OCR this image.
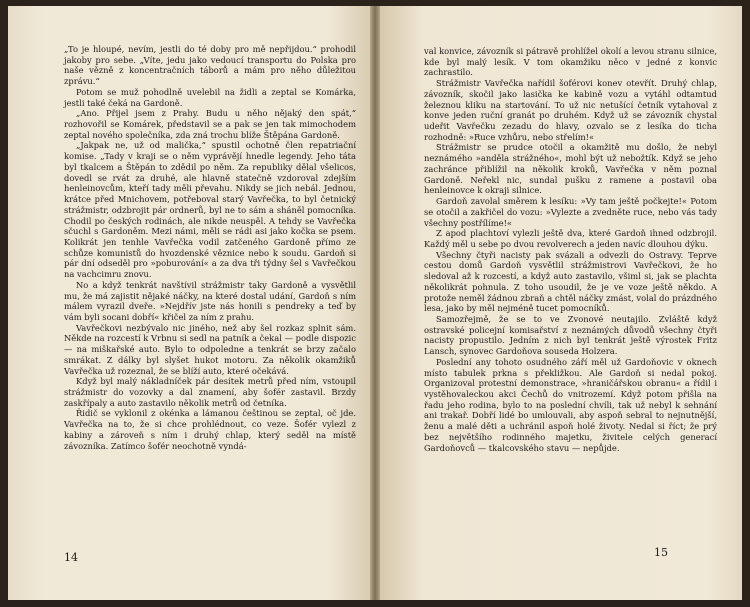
„To je hloupé, nevím, jestli do té doby pro mě nepřijdou.“ prohodil jakoby pro sebe. „Víte, jedu jako vedoucí transportu do Polska pro naše vězně z koncentračních táborů a mám pro něho důležitou zprávu.“

Potom se muž pohodlně uvelebil na židli a zeptal se Komárka, jestli také čeká na Gardoně.

„Ano. Přijel jsem z Prahy. Budu u něho nějaký den spát,“ rozhovořil se Komárek, představil se a pak se jen tak mimochodem zeptal nového společníka, zda zná trochu blíže Štěpána Gardoně.

„Jakpak ne, už od malička,“ spustil ochotně člen repatriační komise. „Tady v kraji se o něm vyprávějí hnedle legendy. Jeho táta byl tkalcem a Štěpán to zdědil po něm. Za republiky dělal všelicos, dovedl se rvát za druhé, ale hlavně statečně vzdoroval zdejším henleinovcům, kteří tady měli převahu. Nikdy se jich nebál. Jednou, krátce před Mnichovem, potřeboval starý Vavřečka, to byl četnický strážmistr, odzbrojit pár ordnerů, byl ne to sám a sháněl pomocníka. Chodil po českých rodinách, ale nikde neuspěl. A tehdy se Vavřečka sčuchl s Gardoněm. Mezi námi, měli se rádi asi jako kočka se psem. Kolikrát jen tenhle Vavřečka vodil zatčeného Gardoně přímo ze schůze komunistů do hvozdenské věznice nebo k soudu. Gardoň si pár dní odseděl pro »poburování« a za dva tři týdny šel s Vavřečkou na vachcimru znovu.

No a když tenkrát navštívil strážmistr taky Gardoně a vysvětlil mu, že má zajistit nějaké náčky, na které dostal udání, Gardoň s ním málem vyrazil dveře. »Nejdřív jste nás honili s pendreky a teď by vám byli socani dobří« křičel za ním z prahu.

Vavřečkovi nezbývalo nic jiného, než aby šel rozkaz splnit sám. Někde na rozcestí k Vrbnu si sedl na patník a čekal — podle dispozic — na miškařské auto. Bylo to odpoledne a tenkrát se brzy začalo smrákat. Z dálky byl slyšet hukot motoru. Za několik okamžiků Vavřečka už rozeznal, že se blíží auto, které očekává.

Když byl malý nákladníček pár desítek metrů před ním, vstoupil strážmistr do vozovky a dal znamení, aby šofér zastavil. Brzdy zaskřípaly a auto zastavilo několik metrů od četníka.

Řidič se vyklonil z okénka a lámanou češtinou se zeptal, oč jde. Vavřečka na to, že si chce prohlédnout, co veze. Šofér vylezl z kabiny a zároveň s ním i druhý chlap, který seděl na místě závozníka. Zatímco šofér neochotně vyndá-

14

val konvice, závozník si pátravě prohlížel okolí a levou stranu silnice, kde byl malý lesík. V tom okamžiku něco v jedné z konvic zachrastilo.

Strážmistr Vavřečka nařídil šoférovi konev otevřít. Druhý chlap, závozník, skočil jako lasička ke kabině vozu a vytáhl odtamtud železnou kliku na startování. To už nic netušící četník vytahoval z konve jeden ruční granát po druhém. Když už se závozník chystal udeřit Vavřečku zezadu do hlavy, ozvalo se z lesíka do ticha rozhodně: »Ruce vzhůru, nebo střelím!«

Strážmistr se prudce otočil a okamžitě mu došlo, že nebyl neznámého »anděla strážného«, mohl být už nebožtík. Když se jeho zachránce přiblížil na několik kroků, Vavřečka v něm poznal Gardoně. Neřekl nic, sundal pušku z ramene a postavil oba henleinovce k okraji silnice.

Gardoň zavolal směrem k lesíku: »Vy tam ještě počkejte!« Potom se otočil a zakřičel do vozu: »Vylezte a zvedněte ruce, nebo vás tady všechny postřílíme!«

Z apod plachtoví vylezli ještě dva, které Gardoň ihned odzbrojil. Každý měl u sebe po dvou revolverech a jeden navíc dlouhou dýku.

Všechny čtyři nacisty pak svázali a odvezli do Ostravy. Teprve cestou domů Gardoň vysvětlil strážmistrovi Vavřečkovi, že ho sledoval až k rozcestí, a když auto zastavilo, všiml si, jak se plachta několikrát pohnula. Z toho usoudil, že je ve voze ještě někdo. A protože neměl žádnou zbraň a chtěl náčky zmást, volal do prázdného lesa, jako by měl nejméně tucet pomocníků.

Samozřejmě, že se to ve Zvonové neutajilo. Zvláště když ostravské policejní komisařství z neznámých důvodů všechny čtyři nacisty propustilo. Jedním z nich byl tenkrát ještě výrostek Fritz Lansch, synovec Gardoňova souseda Holzera.

Poslední any tohoto osudného září měl už Gardoňovic v oknech místo tabulek prkna s překližkou. Ale Gardoň si nedal pokoj. Organizoval protestní demonstrace, »hraničářskou obranu« a řídil i vystěhovaleckou akci Čechů do vnitrozemí. Když potom přišla na řadu jeho rodina, bylo to na poslední chvíli, tak už nebyl k sehnání ani trakař. Dobří lidé bo umlouvali, aby aspoň sebral to nejnutnější, ženu a malé děti a uchránil aspoň holé životy. Nedal si říct; že prý bez největšího rodinného majetku, živitele celých generací Gardoňovců — tkalcovského stavu — nepůjde.

15
